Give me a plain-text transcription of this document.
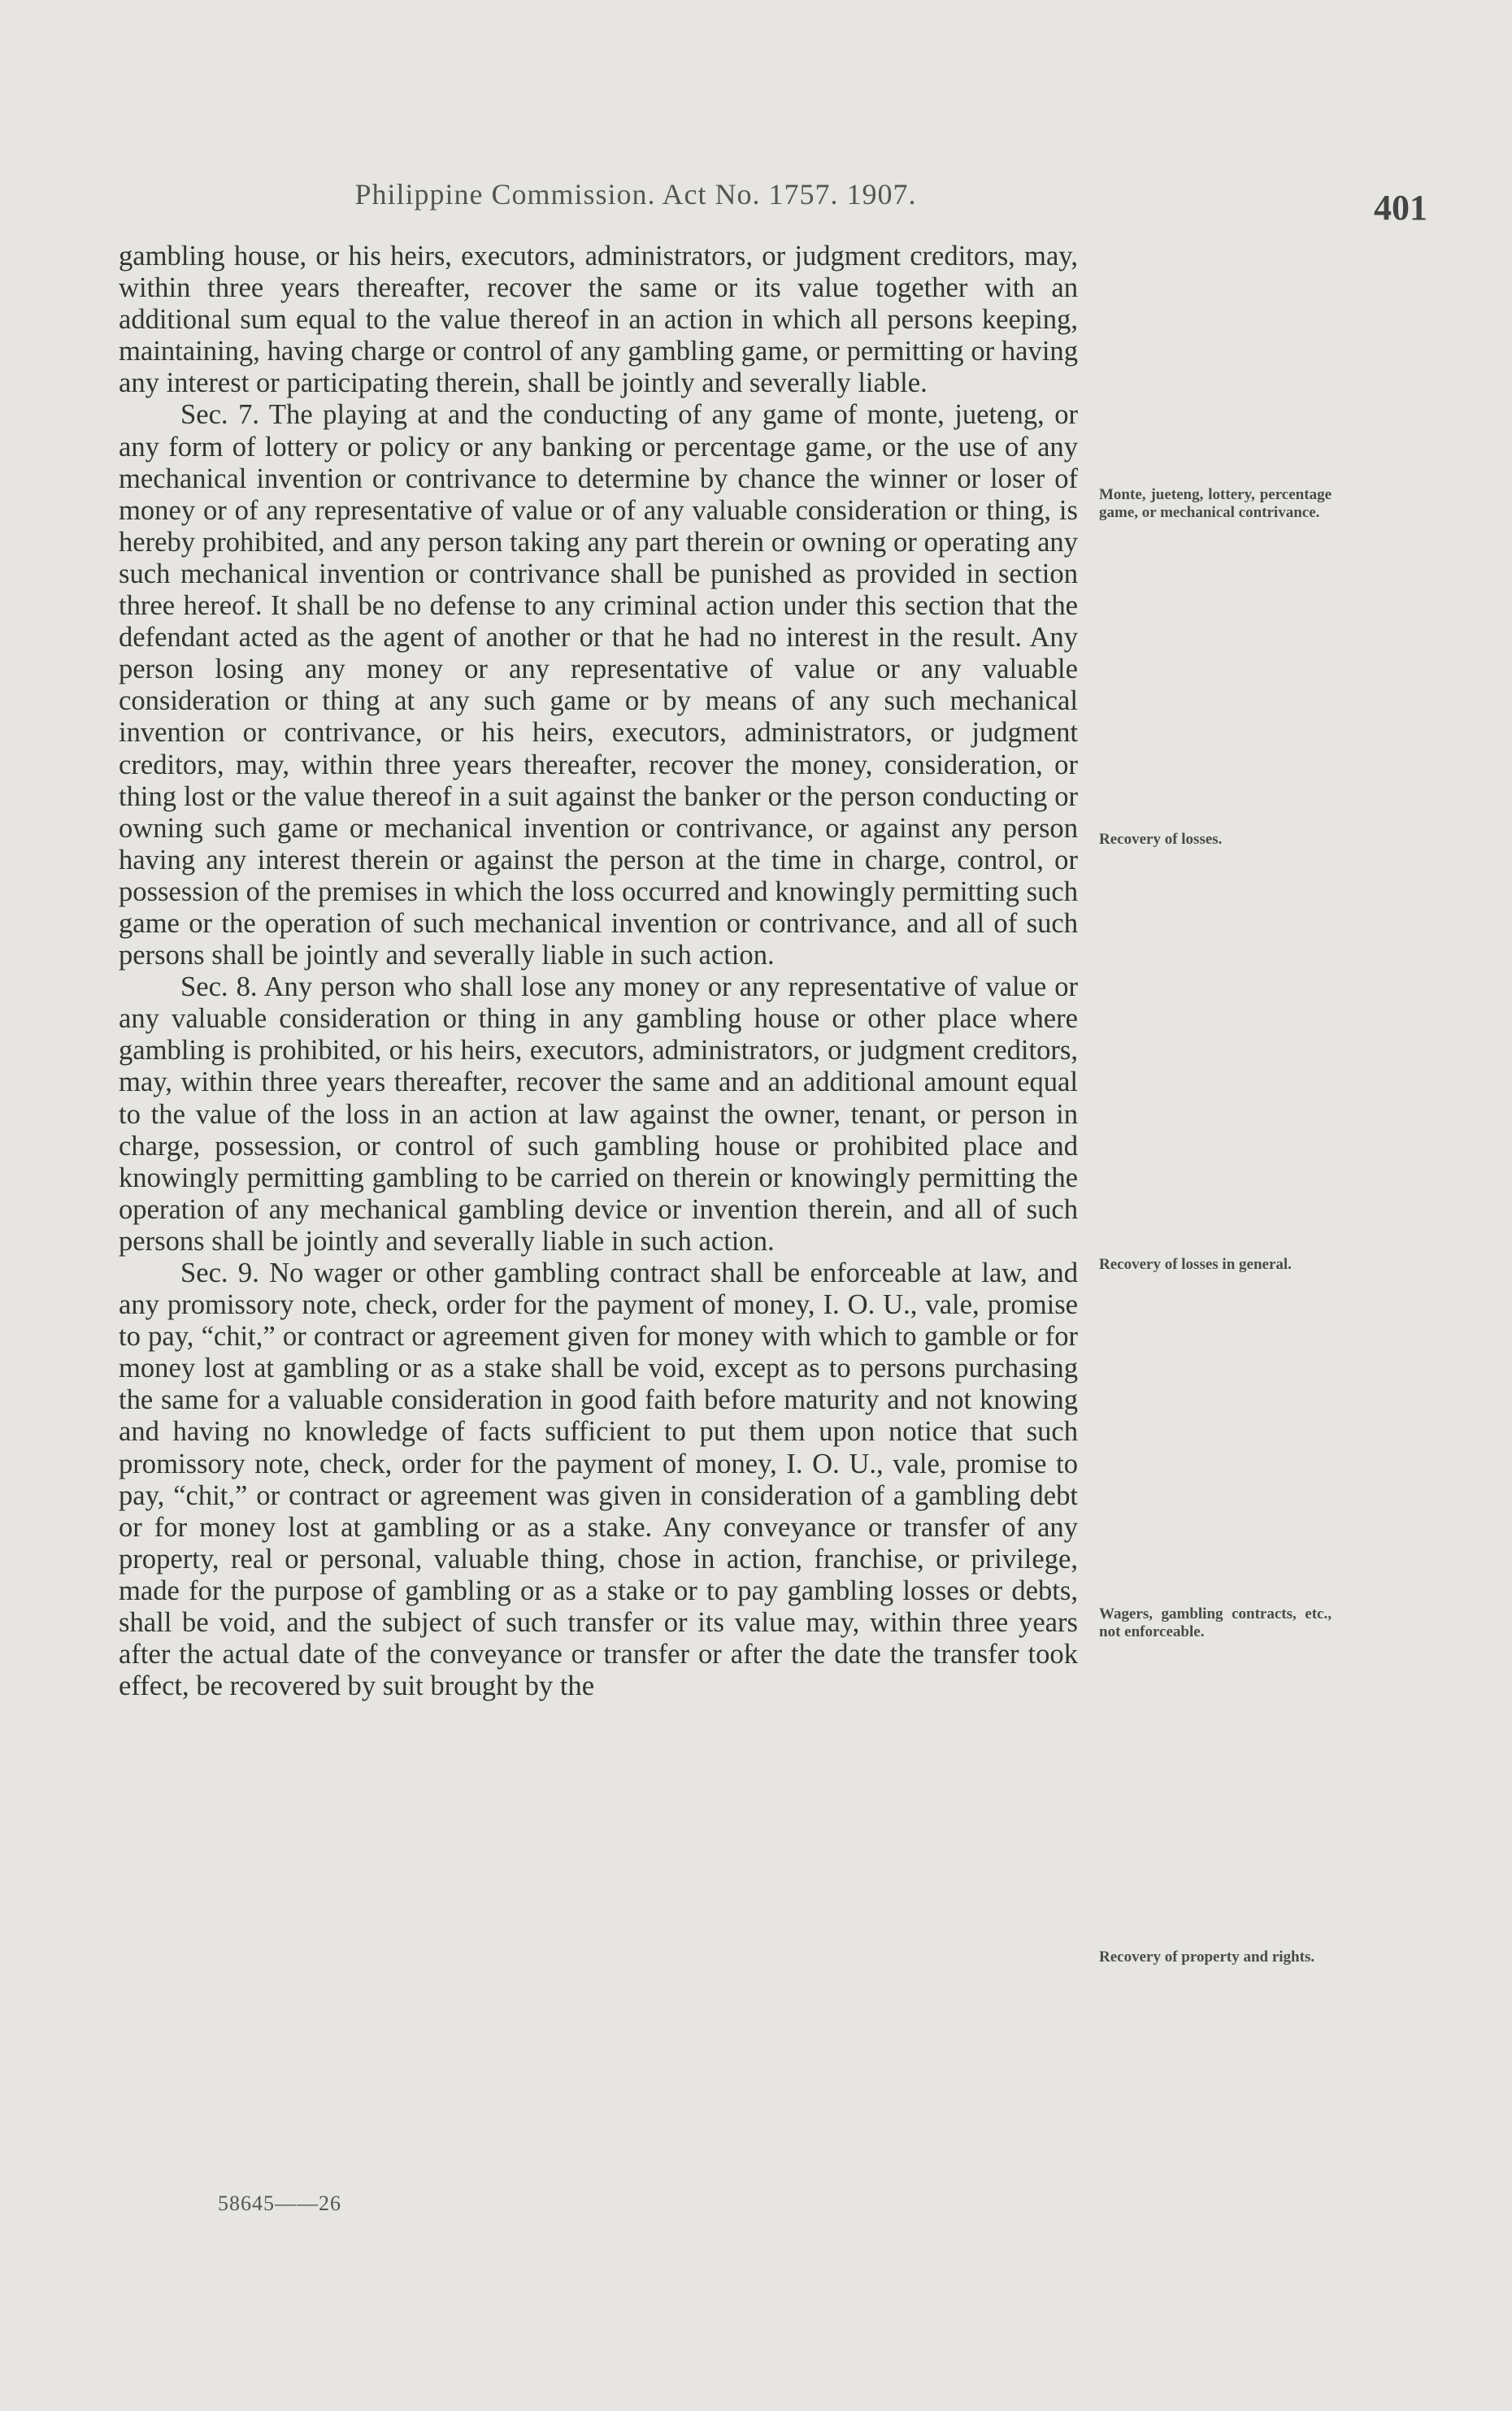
Philippine Commission. Act No. 1757. 1907.	401

gambling house, or his heirs, executors, administrators, or judgment creditors, may, within three years thereafter, recover the same or its value together with an additional sum equal to the value thereof in an action in which all persons keeping, maintaining, having charge or control of any gambling game, or permitting or having any interest or participating therein, shall be jointly and severally liable.

Sec. 7. The playing at and the conducting of any game of monte, jueteng, or any form of lottery or policy or any banking or percentage game, or the use of any mechanical invention or contrivance to determine by chance the winner or loser of money or of any representative of value or of any valuable consideration or thing, is hereby prohibited, and any person taking any part therein or owning or operating any such mechanical invention or contrivance shall be punished as provided in section three hereof. It shall be no defense to any criminal action under this section that the defendant acted as the agent of another or that he had no interest in the result. Any person losing any money or any representative of value or any valuable consideration or thing at any such game or by means of any such mechanical invention or contrivance, or his heirs, executors, administrators, or judgment creditors, may, within three years thereafter, recover the money, consideration, or thing lost or the value thereof in a suit against the banker or the person conducting or owning such game or mechanical invention or contrivance, or against any person having any interest therein or against the person at the time in charge, control, or possession of the premises in which the loss occurred and knowingly permitting such game or the operation of such mechanical invention or contrivance, and all of such persons shall be jointly and severally liable in such action.

Sec. 8. Any person who shall lose any money or any representative of value or any valuable consideration or thing in any gambling house or other place where gambling is prohibited, or his heirs, executors, administrators, or judgment creditors, may, within three years thereafter, recover the same and an additional amount equal to the value of the loss in an action at law against the owner, tenant, or person in charge, possession, or control of such gambling house or prohibited place and knowingly permitting gambling to be carried on therein or knowingly permitting the operation of any mechanical gambling device or invention therein, and all of such persons shall be jointly and severally liable in such action.

Sec. 9. No wager or other gambling contract shall be enforceable at law, and any promissory note, check, order for the payment of money, I. O. U., vale, promise to pay, “chit,” or contract or agreement given for money with which to gamble or for money lost at gambling or as a stake shall be void, except as to persons purchasing the same for a valuable consideration in good faith before maturity and not knowing and having no knowledge of facts sufficient to put them upon notice that such promissory note, check, order for the payment of money, I. O. U., vale, promise to pay, “chit,” or contract or agreement was given in consideration of a gambling debt or for money lost at gambling or as a stake. Any conveyance or transfer of any property, real or personal, valuable thing, chose in action, franchise, or privilege, made for the purpose of gambling or as a stake or to pay gambling losses or debts, shall be void, and the subject of such transfer or its value may, within three years after the actual date of the conveyance or transfer or after the date the transfer took effect, be recovered by suit brought by the

Monte, jueteng, lottery, percentage game, or mechanical contrivance.
Recovery of losses.
Recovery of losses in general.
Wagers, gambling contracts, etc., not enforceable.
Recovery of property and rights.
58645——26
